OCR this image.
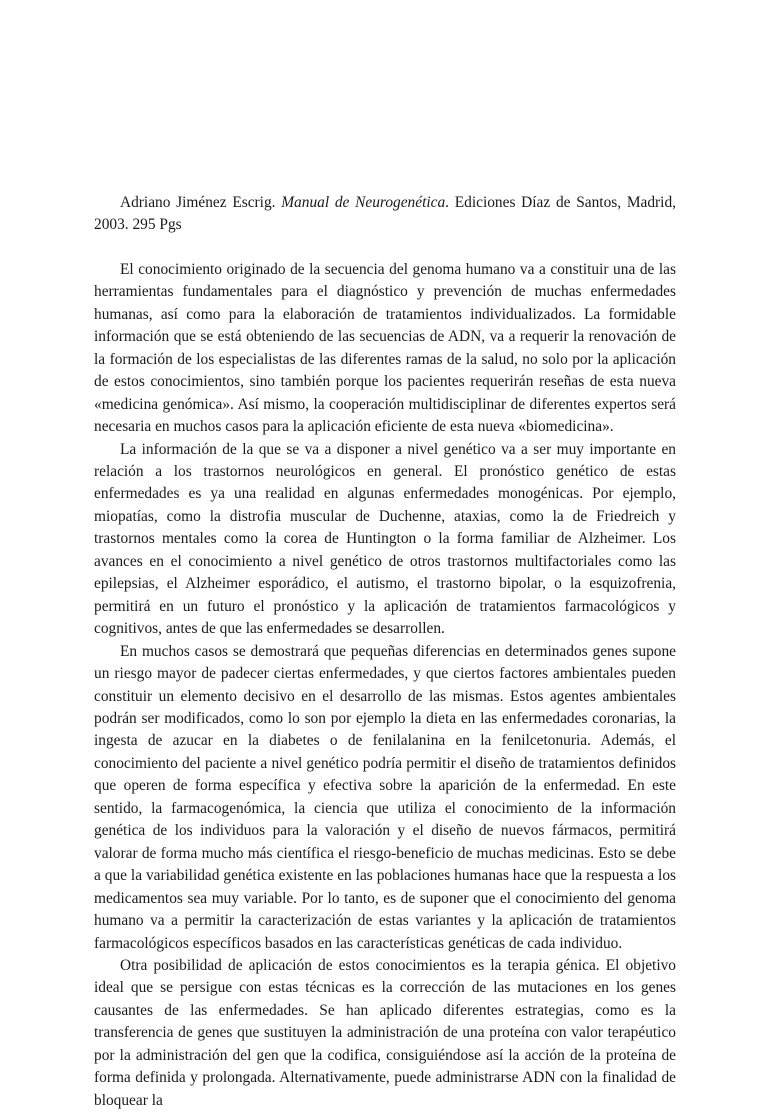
Adriano Jiménez Escrig. Manual de Neurogenética. Ediciones Díaz de Santos, Madrid, 2003. 295 Pgs

El conocimiento originado de la secuencia del genoma humano va a constituir una de las herramientas fundamentales para el diagnóstico y prevención de muchas enfermedades humanas, así como para la elaboración de tratamientos individualizados. La formidable información que se está obteniendo de las secuencias de ADN, va a requerir la renovación de la formación de los especialistas de las diferentes ramas de la salud, no solo por la aplicación de estos conocimientos, sino también porque los pacientes requerirán reseñas de esta nueva «medicina genómica». Así mismo, la cooperación multidisciplinar de diferentes expertos será necesaria en muchos casos para la aplicación eficiente de esta nueva «biomedicina».

La información de la que se va a disponer a nivel genético va a ser muy importante en relación a los trastornos neurológicos en general. El pronóstico genético de estas enfermedades es ya una realidad en algunas enfermedades monogénicas. Por ejemplo, miopatías, como la distrofia muscular de Duchenne, ataxias, como la de Friedreich y trastornos mentales como la corea de Huntington o la forma familiar de Alzheimer. Los avances en el conocimiento a nivel genético de otros trastornos multifactoriales como las epilepsias, el Alzheimer esporádico, el autismo, el trastorno bipolar, o la esquizofrenia, permitirá en un futuro el pronóstico y la aplicación de tratamientos farmacológicos y cognitivos, antes de que las enfermedades se desarrollen.

En muchos casos se demostrará que pequeñas diferencias en determinados genes supone un riesgo mayor de padecer ciertas enfermedades, y que ciertos factores ambientales pueden constituir un elemento decisivo en el desarrollo de las mismas. Estos agentes ambientales podrán ser modificados, como lo son por ejemplo la dieta en las enfermedades coronarias, la ingesta de azucar en la diabetes o de fenilalanina en la fenilcetonuria. Además, el conocimiento del paciente a nivel genético podría permitir el diseño de tratamientos definidos que operen de forma específica y efectiva sobre la aparición de la enfermedad. En este sentido, la farmacogenómica, la ciencia que utiliza el conocimiento de la información genética de los individuos para la valoración y el diseño de nuevos fármacos, permitirá valorar de forma mucho más científica el riesgo-beneficio de muchas medicinas. Esto se debe a que la variabilidad genética existente en las poblaciones humanas hace que la respuesta a los medicamentos sea muy variable. Por lo tanto, es de suponer que el conocimiento del genoma humano va a permitir la caracterización de estas variantes y la aplicación de tratamientos farmacológicos específicos basados en las características genéticas de cada individuo.

Otra posibilidad de aplicación de estos conocimientos es la terapia génica. El objetivo ideal que se persigue con estas técnicas es la corrección de las mutaciones en los genes causantes de las enfermedades. Se han aplicado diferentes estrategias, como es la transferencia de genes que sustituyen la administración de una proteína con valor terapéutico por la administración del gen que la codifica, consiguiéndose así la acción de la proteína de forma definida y prolongada. Alternativamente, puede administrarse ADN con la finalidad de bloquear la
